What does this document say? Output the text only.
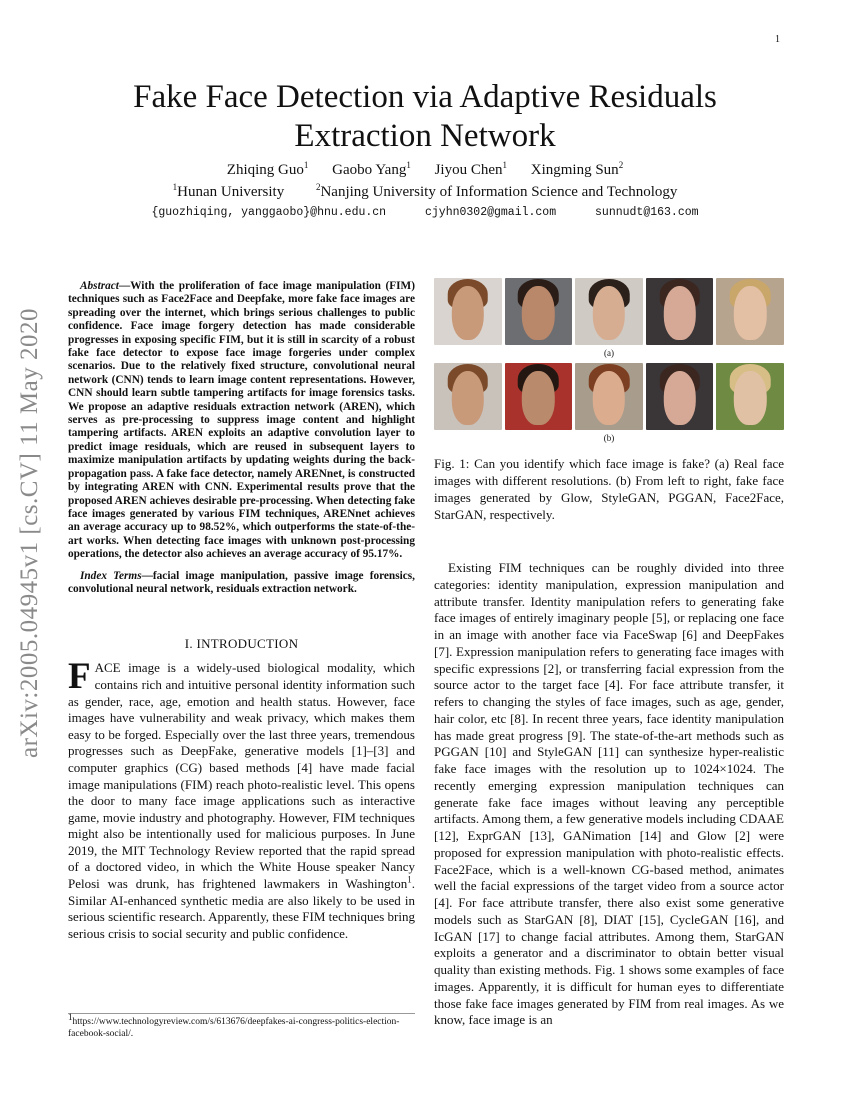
1
arXiv:2005.04945v1 [cs.CV] 11 May 2020
Fake Face Detection via Adaptive Residuals
Extraction Network
Zhiqing Guo$^1$ Gaobo Yang$^1$ Jiyou Chen$^1$ Xingming Sun$^2$
$^1$Hunan University	$^2$Nanjing University of Information Science and Technology
{guozhiqing, yanggaobo}@hnu.edu.cn	cjyhn0302@gmail.com	sunnudt@163.com

Abstract—With the proliferation of face image manipulation (FIM) techniques such as Face2Face and Deepfake, more fake face images are spreading over the internet, which brings serious challenges to public confidence. Face image forgery detection has made considerable progresses in exposing specific FIM, but it is still in scarcity of a robust fake face detector to expose face image forgeries under complex scenarios. Due to the relatively fixed structure, convolutional neural network (CNN) tends to learn image content representations. However, CNN should learn subtle tampering artifacts for image forensics tasks. We propose an adaptive residuals extraction network (AREN), which serves as pre-processing to suppress image content and highlight tampering artifacts. AREN exploits an adaptive convolution layer to predict image residuals, which are reused in subsequent layers to maximize manipulation artifacts by updating weights during the back-propagation pass. A fake face detector, namely ARENnet, is constructed by integrating AREN with CNN. Experimental results prove that the proposed AREN achieves desirable pre-processing. When detecting fake face images generated by various FIM techniques, ARENnet achieves an average accuracy up to 98.52%, which outperforms the state-of-the-art works. When detecting face images with unknown post-processing operations, the detector also achieves an average accuracy of 95.17%.

Index Terms—facial image manipulation, passive image forensics, convolutional neural network, residuals extraction network.

I. INTRODUCTION

FACE image is a widely-used biological modality, which contains rich and intuitive personal identity information such as gender, race, age, emotion and health status. However, face images have vulnerability and weak privacy, which makes them easy to be forged. Especially over the last three years, tremendous progresses such as DeepFake, generative models [1]–[3] and computer graphics (CG) based methods [4] have made facial image manipulations (FIM) reach photo-realistic level. This opens the door to many face image applications such as interactive game, movie industry and photography. However, FIM techniques might also be intentionally used for malicious purposes. In June 2019, the MIT Technology Review reported that the rapid spread of a doctored video, in which the White House speaker Nancy Pelosi was drunk, has frightened lawmakers in Washington$^1$. Similar AI-enhanced synthetic media are also likely to be used in serious scientific research. Apparently, these FIM techniques bring serious crisis to social security and public confidence.

$^1$https://www.technologyreview.com/s/613676/deepfakes-ai-congress-politics-election-facebook-social/.
(a)
(b)

Fig. 1: Can you identify which face image is fake? (a) Real face images with different resolutions. (b) From left to right, fake face images generated by Glow, StyleGAN, PGGAN, Face2Face, StarGAN, respectively.

Existing FIM techniques can be roughly divided into three categories: identity manipulation, expression manipulation and attribute transfer. Identity manipulation refers to generating fake face images of entirely imaginary people [5], or replacing one face in an image with another face via FaceSwap [6] and DeepFakes [7]. Expression manipulation refers to generating face images with specific expressions [2], or transferring facial expression from the source actor to the target face [4]. For face attribute transfer, it refers to changing the styles of face images, such as age, gender, hair color, etc [8]. In recent three years, face identity manipulation has made great progress [9]. The state-of-the-art methods such as PGGAN [10] and StyleGAN [11] can synthesize hyper-realistic fake face images with the resolution up to 1024×1024. The recently emerging expression manipulation techniques can generate fake face images without leaving any perceptible artifacts. Among them, a few generative models including CDAAE [12], ExprGAN [13], GANimation [14] and Glow [2] were proposed for expression manipulation with photo-realistic effects. Face2Face, which is a well-known CG-based method, animates well the facial expressions of the target video from a source actor [4]. For face attribute transfer, there also exist some generative models such as StarGAN [8], DIAT [15], CycleGAN [16], and IcGAN [17] to change facial attributes. Among them, StarGAN exploits a generator and a discriminator to obtain better visual quality than existing methods. Fig. 1 shows some examples of face images. Apparently, it is difficult for human eyes to differentiate those fake face images generated by FIM from real images. As we know, face image is an
